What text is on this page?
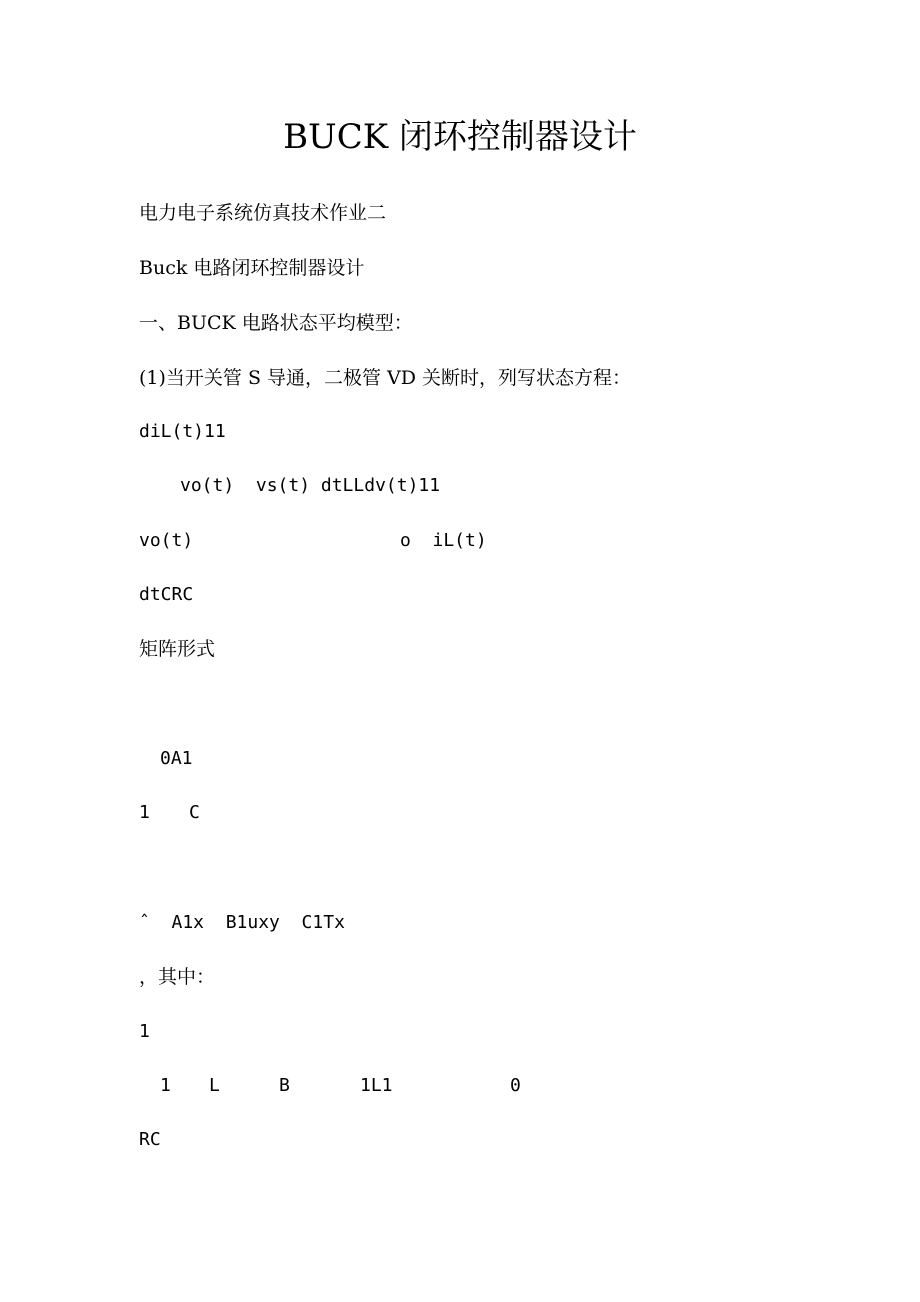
BUCK 闭环控制器设计
电力电子系统仿真技术作业二
Buck 电路闭环控制器设计
一、BUCK 电路状态平均模型：
(1)当开关管 S 导通，二极管 VD 关断时，列写状态方程：
diL(t)11
vo(t)  vs(t) dtLLdv(t)11
vo(t)	o  iL(t)
dtCRC
矩阵形式
0A1
1 C
ˆ  A1x  B1uxy  C1Tx
，其中：
1
1 L	B	1L1	0
RC
